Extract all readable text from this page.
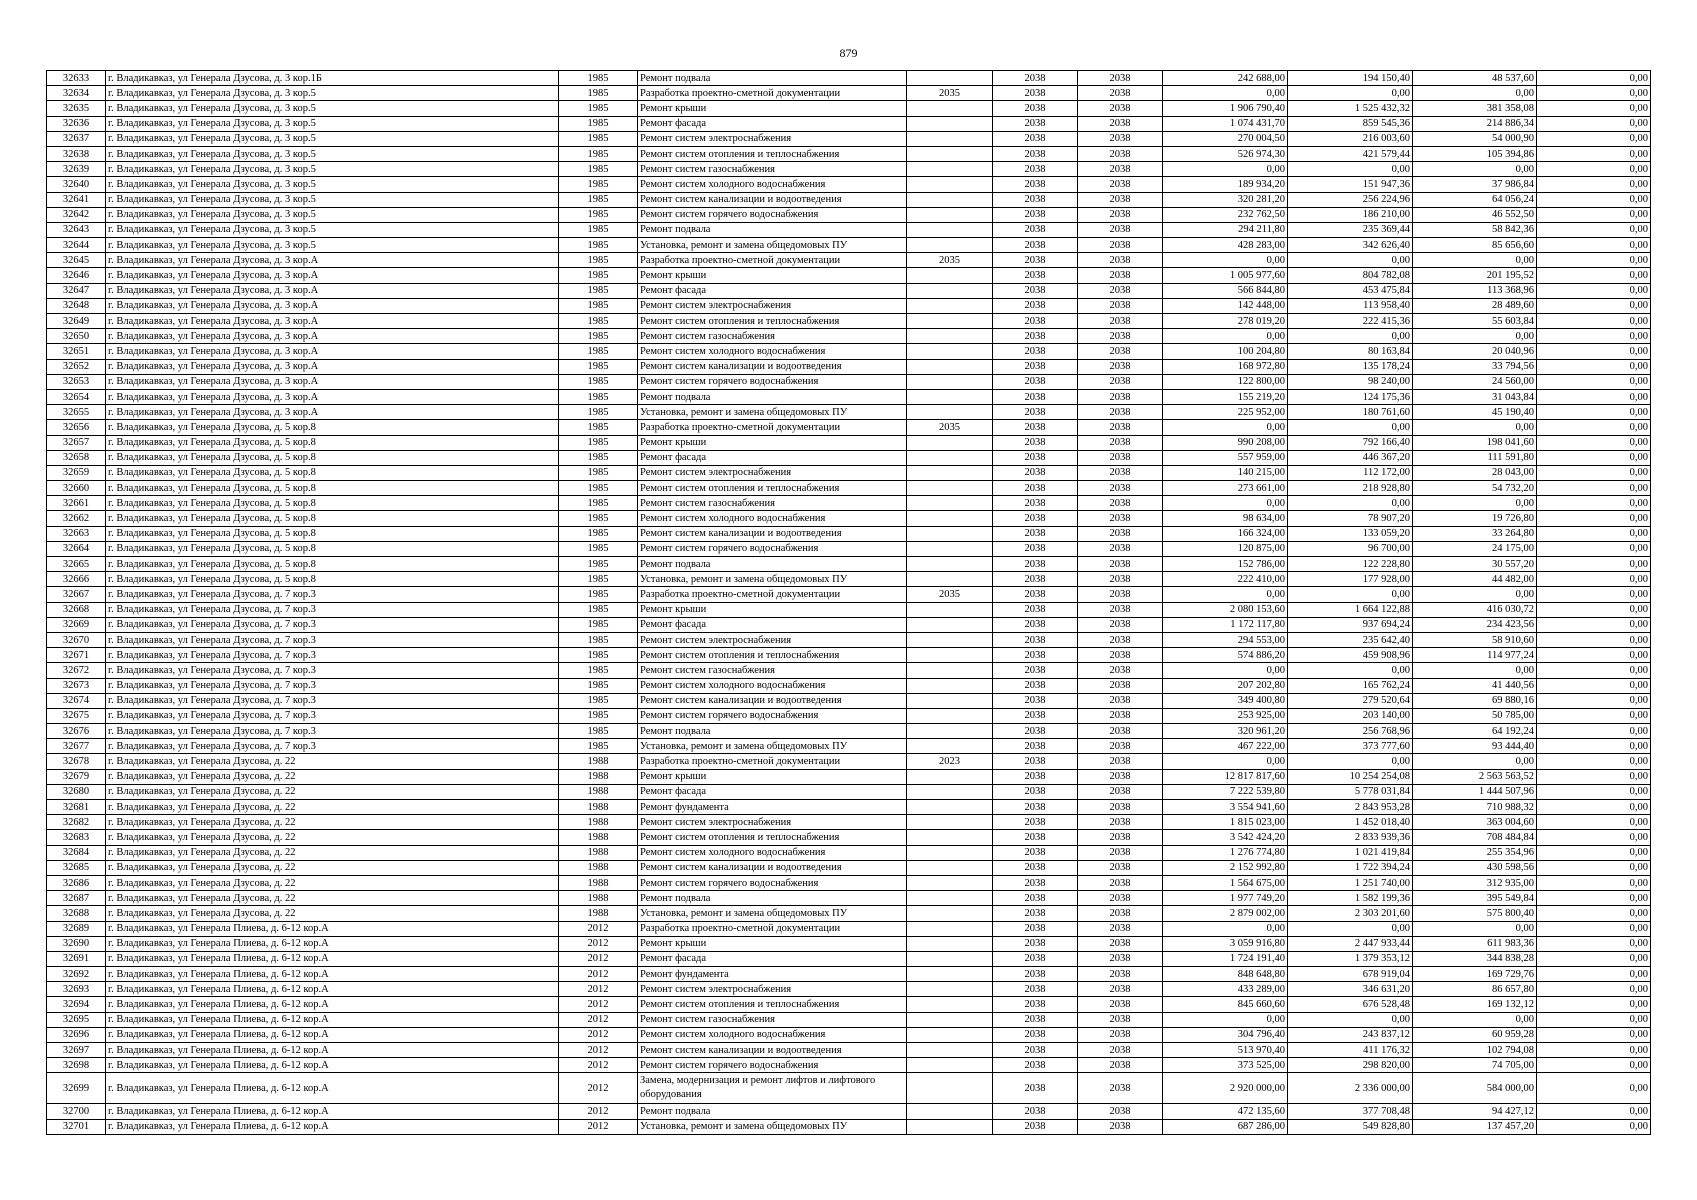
879
32633	г. Владикавказ, ул Генерала Дзусова, д. 3 кор.1Б	1985	Ремонт подвала		2038	2038	242 688,00	194 150,40	48 537,60	0,00
32634	г. Владикавказ, ул Генерала Дзусова, д. 3 кор.5	1985	Разработка проектно-сметной документации	2035	2038	2038	0,00	0,00	0,00	0,00
32635	г. Владикавказ, ул Генерала Дзусова, д. 3 кор.5	1985	Ремонт крыши		2038	2038	1 906 790,40	1 525 432,32	381 358,08	0,00
32636	г. Владикавказ, ул Генерала Дзусова, д. 3 кор.5	1985	Ремонт фасада		2038	2038	1 074 431,70	859 545,36	214 886,34	0,00
32637	г. Владикавказ, ул Генерала Дзусова, д. 3 кор.5	1985	Ремонт систем электроснабжения		2038	2038	270 004,50	216 003,60	54 000,90	0,00
32638	г. Владикавказ, ул Генерала Дзусова, д. 3 кор.5	1985	Ремонт систем отопления и теплоснабжения		2038	2038	526 974,30	421 579,44	105 394,86	0,00
32639	г. Владикавказ, ул Генерала Дзусова, д. 3 кор.5	1985	Ремонт систем газоснабжения		2038	2038	0,00	0,00	0,00	0,00
32640	г. Владикавказ, ул Генерала Дзусова, д. 3 кор.5	1985	Ремонт систем холодного водоснабжения		2038	2038	189 934,20	151 947,36	37 986,84	0,00
32641	г. Владикавказ, ул Генерала Дзусова, д. 3 кор.5	1985	Ремонт систем канализации и водоотведения		2038	2038	320 281,20	256 224,96	64 056,24	0,00
32642	г. Владикавказ, ул Генерала Дзусова, д. 3 кор.5	1985	Ремонт систем горячего водоснабжения		2038	2038	232 762,50	186 210,00	46 552,50	0,00
32643	г. Владикавказ, ул Генерала Дзусова, д. 3 кор.5	1985	Ремонт подвала		2038	2038	294 211,80	235 369,44	58 842,36	0,00
32644	г. Владикавказ, ул Генерала Дзусова, д. 3 кор.5	1985	Установка, ремонт и замена общедомовых ПУ		2038	2038	428 283,00	342 626,40	85 656,60	0,00
32645	г. Владикавказ, ул Генерала Дзусова, д. 3 кор.А	1985	Разработка проектно-сметной документации	2035	2038	2038	0,00	0,00	0,00	0,00
32646	г. Владикавказ, ул Генерала Дзусова, д. 3 кор.А	1985	Ремонт крыши		2038	2038	1 005 977,60	804 782,08	201 195,52	0,00
32647	г. Владикавказ, ул Генерала Дзусова, д. 3 кор.А	1985	Ремонт фасада		2038	2038	566 844,80	453 475,84	113 368,96	0,00
32648	г. Владикавказ, ул Генерала Дзусова, д. 3 кор.А	1985	Ремонт систем электроснабжения		2038	2038	142 448,00	113 958,40	28 489,60	0,00
32649	г. Владикавказ, ул Генерала Дзусова, д. 3 кор.А	1985	Ремонт систем отопления и теплоснабжения		2038	2038	278 019,20	222 415,36	55 603,84	0,00
32650	г. Владикавказ, ул Генерала Дзусова, д. 3 кор.А	1985	Ремонт систем газоснабжения		2038	2038	0,00	0,00	0,00	0,00
32651	г. Владикавказ, ул Генерала Дзусова, д. 3 кор.А	1985	Ремонт систем холодного водоснабжения		2038	2038	100 204,80	80 163,84	20 040,96	0,00
32652	г. Владикавказ, ул Генерала Дзусова, д. 3 кор.А	1985	Ремонт систем канализации и водоотведения		2038	2038	168 972,80	135 178,24	33 794,56	0,00
32653	г. Владикавказ, ул Генерала Дзусова, д. 3 кор.А	1985	Ремонт систем горячего водоснабжения		2038	2038	122 800,00	98 240,00	24 560,00	0,00
32654	г. Владикавказ, ул Генерала Дзусова, д. 3 кор.А	1985	Ремонт подвала		2038	2038	155 219,20	124 175,36	31 043,84	0,00
32655	г. Владикавказ, ул Генерала Дзусова, д. 3 кор.А	1985	Установка, ремонт и замена общедомовых ПУ		2038	2038	225 952,00	180 761,60	45 190,40	0,00
32656	г. Владикавказ, ул Генерала Дзусова, д. 5 кор.8	1985	Разработка проектно-сметной документации	2035	2038	2038	0,00	0,00	0,00	0,00
32657	г. Владикавказ, ул Генерала Дзусова, д. 5 кор.8	1985	Ремонт крыши		2038	2038	990 208,00	792 166,40	198 041,60	0,00
32658	г. Владикавказ, ул Генерала Дзусова, д. 5 кор.8	1985	Ремонт фасада		2038	2038	557 959,00	446 367,20	111 591,80	0,00
32659	г. Владикавказ, ул Генерала Дзусова, д. 5 кор.8	1985	Ремонт систем электроснабжения		2038	2038	140 215,00	112 172,00	28 043,00	0,00
32660	г. Владикавказ, ул Генерала Дзусова, д. 5 кор.8	1985	Ремонт систем отопления и теплоснабжения		2038	2038	273 661,00	218 928,80	54 732,20	0,00
32661	г. Владикавказ, ул Генерала Дзусова, д. 5 кор.8	1985	Ремонт систем газоснабжения		2038	2038	0,00	0,00	0,00	0,00
32662	г. Владикавказ, ул Генерала Дзусова, д. 5 кор.8	1985	Ремонт систем холодного водоснабжения		2038	2038	98 634,00	78 907,20	19 726,80	0,00
32663	г. Владикавказ, ул Генерала Дзусова, д. 5 кор.8	1985	Ремонт систем канализации и водоотведения		2038	2038	166 324,00	133 059,20	33 264,80	0,00
32664	г. Владикавказ, ул Генерала Дзусова, д. 5 кор.8	1985	Ремонт систем горячего водоснабжения		2038	2038	120 875,00	96 700,00	24 175,00	0,00
32665	г. Владикавказ, ул Генерала Дзусова, д. 5 кор.8	1985	Ремонт подвала		2038	2038	152 786,00	122 228,80	30 557,20	0,00
32666	г. Владикавказ, ул Генерала Дзусова, д. 5 кор.8	1985	Установка, ремонт и замена общедомовых ПУ		2038	2038	222 410,00	177 928,00	44 482,00	0,00
32667	г. Владикавказ, ул Генерала Дзусова, д. 7 кор.3	1985	Разработка проектно-сметной документации	2035	2038	2038	0,00	0,00	0,00	0,00
32668	г. Владикавказ, ул Генерала Дзусова, д. 7 кор.3	1985	Ремонт крыши		2038	2038	2 080 153,60	1 664 122,88	416 030,72	0,00
32669	г. Владикавказ, ул Генерала Дзусова, д. 7 кор.3	1985	Ремонт фасада		2038	2038	1 172 117,80	937 694,24	234 423,56	0,00
32670	г. Владикавказ, ул Генерала Дзусова, д. 7 кор.3	1985	Ремонт систем электроснабжения		2038	2038	294 553,00	235 642,40	58 910,60	0,00
32671	г. Владикавказ, ул Генерала Дзусова, д. 7 кор.3	1985	Ремонт систем отопления и теплоснабжения		2038	2038	574 886,20	459 908,96	114 977,24	0,00
32672	г. Владикавказ, ул Генерала Дзусова, д. 7 кор.3	1985	Ремонт систем газоснабжения		2038	2038	0,00	0,00	0,00	0,00
32673	г. Владикавказ, ул Генерала Дзусова, д. 7 кор.3	1985	Ремонт систем холодного водоснабжения		2038	2038	207 202,80	165 762,24	41 440,56	0,00
32674	г. Владикавказ, ул Генерала Дзусова, д. 7 кор.3	1985	Ремонт систем канализации и водоотведения		2038	2038	349 400,80	279 520,64	69 880,16	0,00
32675	г. Владикавказ, ул Генерала Дзусова, д. 7 кор.3	1985	Ремонт систем горячего водоснабжения		2038	2038	253 925,00	203 140,00	50 785,00	0,00
32676	г. Владикавказ, ул Генерала Дзусова, д. 7 кор.3	1985	Ремонт подвала		2038	2038	320 961,20	256 768,96	64 192,24	0,00
32677	г. Владикавказ, ул Генерала Дзусова, д. 7 кор.3	1985	Установка, ремонт и замена общедомовых ПУ		2038	2038	467 222,00	373 777,60	93 444,40	0,00
32678	г. Владикавказ, ул Генерала Дзусова, д. 22	1988	Разработка проектно-сметной документации	2023	2038	2038	0,00	0,00	0,00	0,00
32679	г. Владикавказ, ул Генерала Дзусова, д. 22	1988	Ремонт крыши		2038	2038	12 817 817,60	10 254 254,08	2 563 563,52	0,00
32680	г. Владикавказ, ул Генерала Дзусова, д. 22	1988	Ремонт фасада		2038	2038	7 222 539,80	5 778 031,84	1 444 507,96	0,00
32681	г. Владикавказ, ул Генерала Дзусова, д. 22	1988	Ремонт фундамента		2038	2038	3 554 941,60	2 843 953,28	710 988,32	0,00
32682	г. Владикавказ, ул Генерала Дзусова, д. 22	1988	Ремонт систем электроснабжения		2038	2038	1 815 023,00	1 452 018,40	363 004,60	0,00
32683	г. Владикавказ, ул Генерала Дзусова, д. 22	1988	Ремонт систем отопления и теплоснабжения		2038	2038	3 542 424,20	2 833 939,36	708 484,84	0,00
32684	г. Владикавказ, ул Генерала Дзусова, д. 22	1988	Ремонт систем холодного водоснабжения		2038	2038	1 276 774,80	1 021 419,84	255 354,96	0,00
32685	г. Владикавказ, ул Генерала Дзусова, д. 22	1988	Ремонт систем канализации и водоотведения		2038	2038	2 152 992,80	1 722 394,24	430 598,56	0,00
32686	г. Владикавказ, ул Генерала Дзусова, д. 22	1988	Ремонт систем горячего водоснабжения		2038	2038	1 564 675,00	1 251 740,00	312 935,00	0,00
32687	г. Владикавказ, ул Генерала Дзусова, д. 22	1988	Ремонт подвала		2038	2038	1 977 749,20	1 582 199,36	395 549,84	0,00
32688	г. Владикавказ, ул Генерала Дзусова, д. 22	1988	Установка, ремонт и замена общедомовых ПУ		2038	2038	2 879 002,00	2 303 201,60	575 800,40	0,00
32689	г. Владикавказ, ул Генерала Плиева, д. 6-12 кор.А	2012	Разработка проектно-сметной документации		2038	2038	0,00	0,00	0,00	0,00
32690	г. Владикавказ, ул Генерала Плиева, д. 6-12 кор.А	2012	Ремонт крыши		2038	2038	3 059 916,80	2 447 933,44	611 983,36	0,00
32691	г. Владикавказ, ул Генерала Плиева, д. 6-12 кор.А	2012	Ремонт фасада		2038	2038	1 724 191,40	1 379 353,12	344 838,28	0,00
32692	г. Владикавказ, ул Генерала Плиева, д. 6-12 кор.А	2012	Ремонт фундамента		2038	2038	848 648,80	678 919,04	169 729,76	0,00
32693	г. Владикавказ, ул Генерала Плиева, д. 6-12 кор.А	2012	Ремонт систем электроснабжения		2038	2038	433 289,00	346 631,20	86 657,80	0,00
32694	г. Владикавказ, ул Генерала Плиева, д. 6-12 кор.А	2012	Ремонт систем отопления и теплоснабжения		2038	2038	845 660,60	676 528,48	169 132,12	0,00
32695	г. Владикавказ, ул Генерала Плиева, д. 6-12 кор.А	2012	Ремонт систем газоснабжения		2038	2038	0,00	0,00	0,00	0,00
32696	г. Владикавказ, ул Генерала Плиева, д. 6-12 кор.А	2012	Ремонт систем холодного водоснабжения		2038	2038	304 796,40	243 837,12	60 959,28	0,00
32697	г. Владикавказ, ул Генерала Плиева, д. 6-12 кор.А	2012	Ремонт систем канализации и водоотведения		2038	2038	513 970,40	411 176,32	102 794,08	0,00
32698	г. Владикавказ, ул Генерала Плиева, д. 6-12 кор.А	2012	Ремонт систем горячего водоснабжения		2038	2038	373 525,00	298 820,00	74 705,00	0,00
32699	г. Владикавказ, ул Генерала Плиева, д. 6-12 кор.А	2012	Замена, модернизация и ремонт лифтов и лифтового оборудования		2038	2038	2 920 000,00	2 336 000,00	584 000,00	0,00
32700	г. Владикавказ, ул Генерала Плиева, д. 6-12 кор.А	2012	Ремонт подвала		2038	2038	472 135,60	377 708,48	94 427,12	0,00
32701	г. Владикавказ, ул Генерала Плиева, д. 6-12 кор.А	2012	Установка, ремонт и замена общедомовых ПУ		2038	2038	687 286,00	549 828,80	137 457,20	0,00
